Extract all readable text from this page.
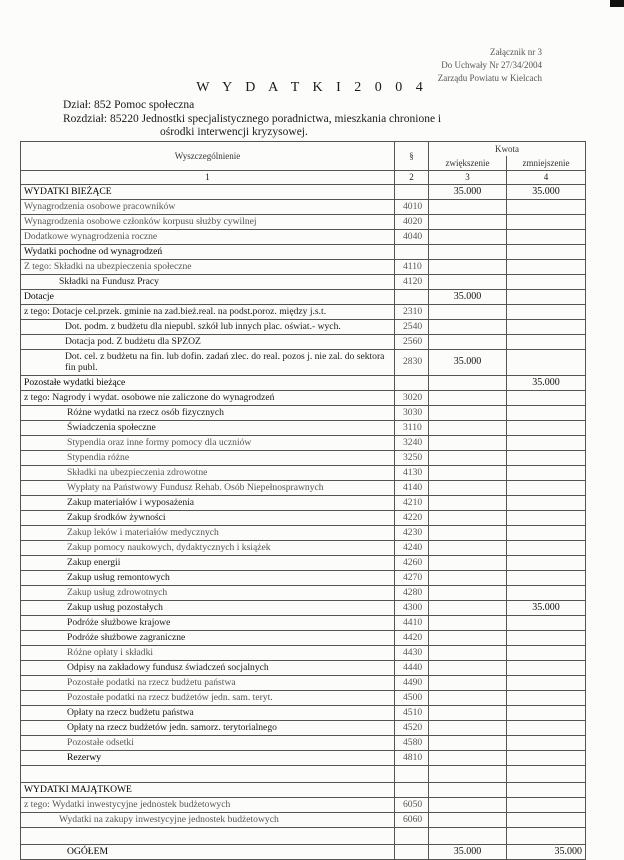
Załącznik nr 3
Do Uchwały Nr 27/34/2004
Zarządu Powiatu w Kielcach
W Y D A T K I 2 0 0 4
Dział: 852 Pomoc społeczna
Rozdział: 85220 Jednostki specjalistycznego poradnictwa, mieszkania chronione i
ośrodki interwencji kryzysowej.
Wyszczególnienie	§	Kwota	
		zwiększenie	zmniejszenie
1	2	3	4
WYDATKI BIEŻĄCE		35.000	35.000
Wynagrodzenia osobowe pracowników	4010		
Wynagrodzenia osobowe członków korpusu służby cywilnej	4020		
Dodatkowe wynagrodzenia roczne	4040		
Wydatki pochodne od wynagrodzeń			
Z tego: Składki na ubezpieczenia społeczne	4110		
Składki na Fundusz Pracy	4120		
Dotacje		35.000	
z tego: Dotacje cel.przek. gminie na zad.bież.real. na podst.poroz. między j.s.t.	2310		
Dot. podm. z budżetu dla niepubl. szkół lub innych plac. oświat.- wych.	2540		
Dotacja pod. Z budżetu dla SPZOZ	2560		
Dot. cel. z budżetu na fin. lub dofin. zadań zlec. do real. pozos j. nie zal. do sektora fin publ.	2830	35.000	
Pozostałe wydatki bieżące			35.000
z tego: Nagrody i wydat. osobowe nie zaliczone do wynagrodzeń	3020		
Różne wydatki na rzecz osób fizycznych	3030		
Świadczenia społeczne	3110		
Stypendia oraz inne formy pomocy dla uczniów	3240		
Stypendia różne	3250		
Składki na ubezpieczenia zdrowotne	4130		
Wypłaty na Państwowy Fundusz Rehab. Osób Niepełnosprawnych	4140		
Zakup materiałów i wyposażenia	4210		
Zakup środków żywności	4220		
Zakup leków i materiałów medycznych	4230		
Zakup pomocy naukowych, dydaktycznych i książek	4240		
Zakup energii	4260		
Zakup usług remontowych	4270		
Zakup usług zdrowotnych	4280		
Zakup usług pozostałych	4300		35.000
Podróże służbowe krajowe	4410		
Podróże służbowe zagraniczne	4420		
Różne opłaty i składki	4430		
Odpisy na zakładowy fundusz świadczeń socjalnych	4440		
Pozostałe podatki na rzecz budżetu państwa	4490		
Pozostałe podatki na rzecz budżetów jedn. sam. teryt.	4500		
Opłaty na rzecz budżetu państwa	4510		
Opłaty na rzecz budżetów jedn. samorz. terytorialnego	4520		
Pozostałe odsetki	4580		
Rezerwy	4810		

WYDATKI MAJĄTKOWE			
z tego: Wydatki inwestycyjne jednostek budżetowych	6050		
Wydatki na zakupy inwestycyjne jednostek budżetowych	6060		

OGÓŁEM		35.000	35.000
